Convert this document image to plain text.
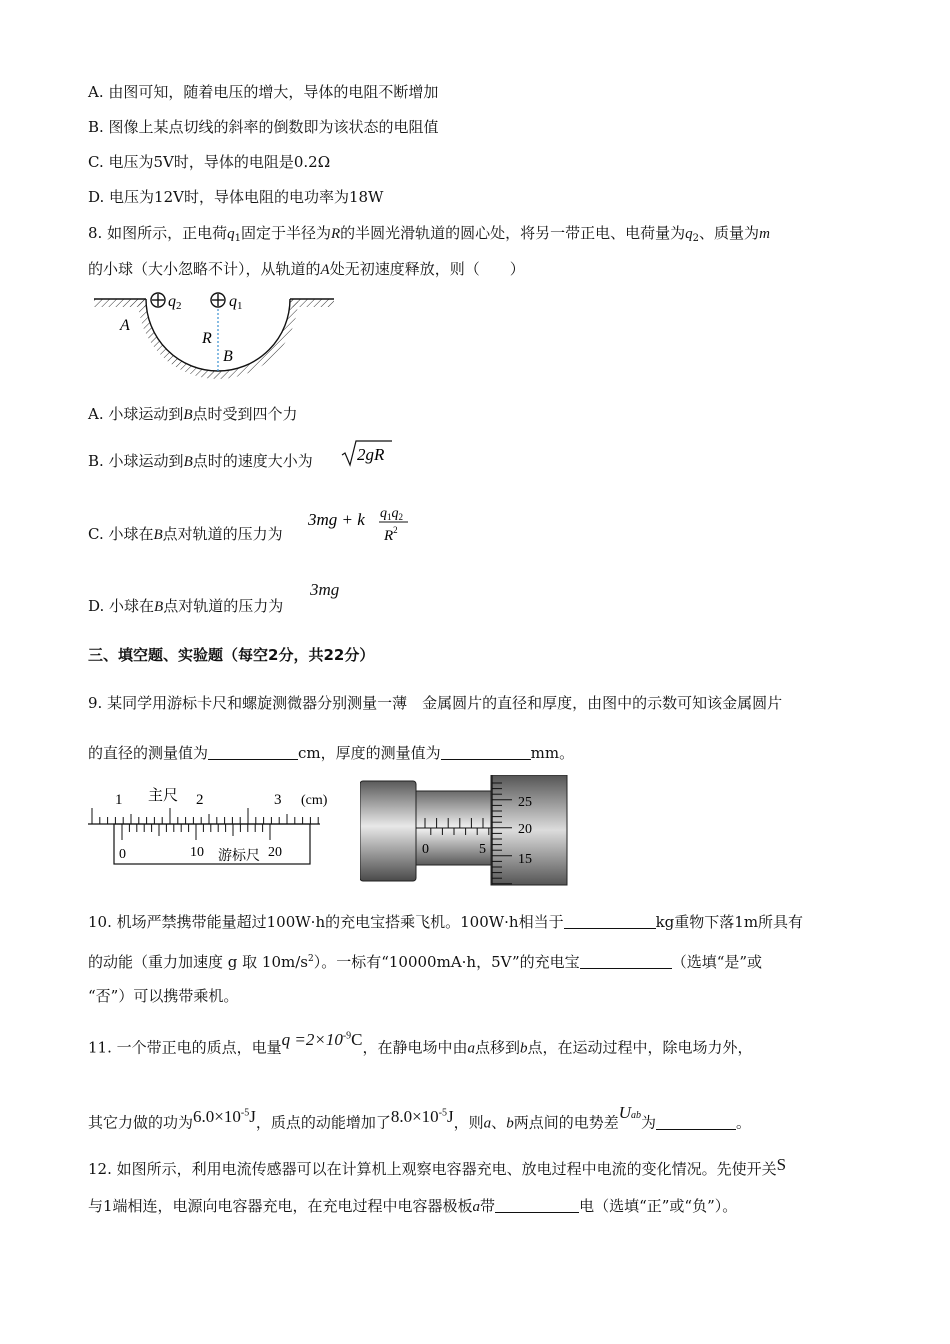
A. 由图可知，随着电压的增大，导体的电阻不断增加
B. 图像上某点切线的斜率的倒数即为该状态的电阻值
C. 电压为5V时，导体的电阻是0.2Ω
D. 电压为12V时，导体电阻的电功率为18W
8. 如图所示，正电荷$q_1$固定于半径为R的半圆光滑轨道的圆心处，将另一带正电、电荷量为$q_2$、质量为m
的小球（大小忽略不计），从轨道的A处无初速度释放，则（　　）
q2	q1
A
R
B
A. 小球运动到B点时受到四个力
B. 小球运动到B点时的速度大小为	2gR
C. 小球在B点对轨道的压力为
3mg + k $q_1q_2$
$R^2$
D. 小球在B点对轨道的压力为
3mg
三、填空题、实验题（每空2分，共22分）
9. 某同学用游标卡尺和螺旋测微器分别测量一薄　金属圆片的直径和厚度，由图中的示数可知该金属圆片
的直径的测量值为	cm，厚度的测量值为	mm。
1 主尺 2	3 (cm)
0	10 游标尺 20	0	5
25
20
15
10. 机场严禁携带能量超过100W·h的充电宝搭乘飞机。100W·h相当于	kg重物下落1m所具有
的动能（重力加速度 g 取 $10m/s^2$）。一标有“10000mA·h，5V”的充电宝	（选填“是”或
“否”）可以携带乘机。
11. 一个带正电的质点，电量$q =2\times 10^{-9}C$，在静电场中由a点移到b点，在运动过程中，除电场力外，
其它力做的功为$6.0\times 10^{-5}J$，质点的动能增加了$8.0\times 10^{-5}J$，则a、b两点间的电势差Uab为	。
12. 如图所示，利用电流传感器可以在计算机上观察电容器充电、放电过程中电流的变化情况。先使开关S
与1端相连，电源向电容器充电，在充电过程中电容器极板a带	电（选填“正”或“负”）。
